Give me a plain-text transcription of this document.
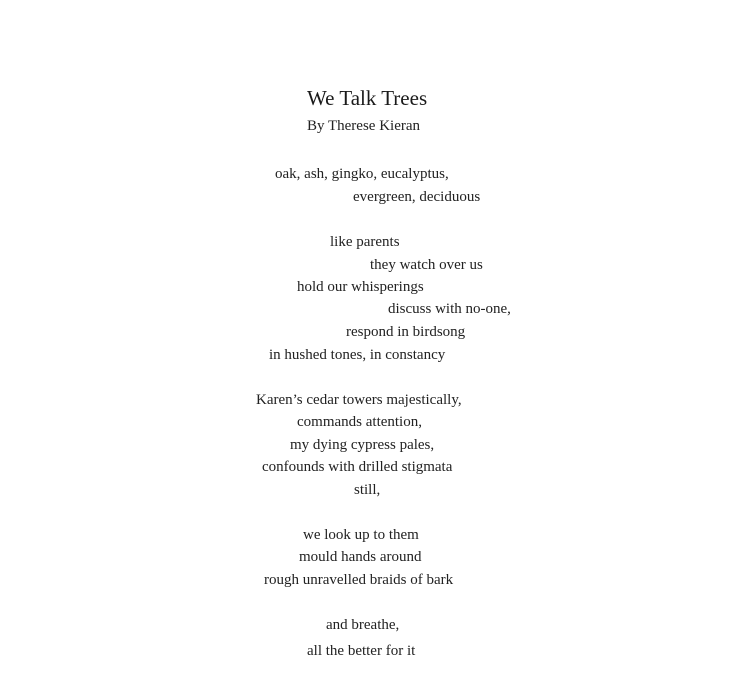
We Talk Trees
By Therese Kieran
oak, ash, gingko, eucalyptus,
evergreen, deciduous
like parents
they watch over us
hold our whisperings
discuss with no-one,
respond in birdsong
in hushed tones, in constancy
Karen’s cedar towers majestically,
commands attention,
my dying cypress pales,
confounds with drilled stigmata
still,
we look up to them
mould hands around
rough unravelled braids of bark
and breathe,
all the better for it
